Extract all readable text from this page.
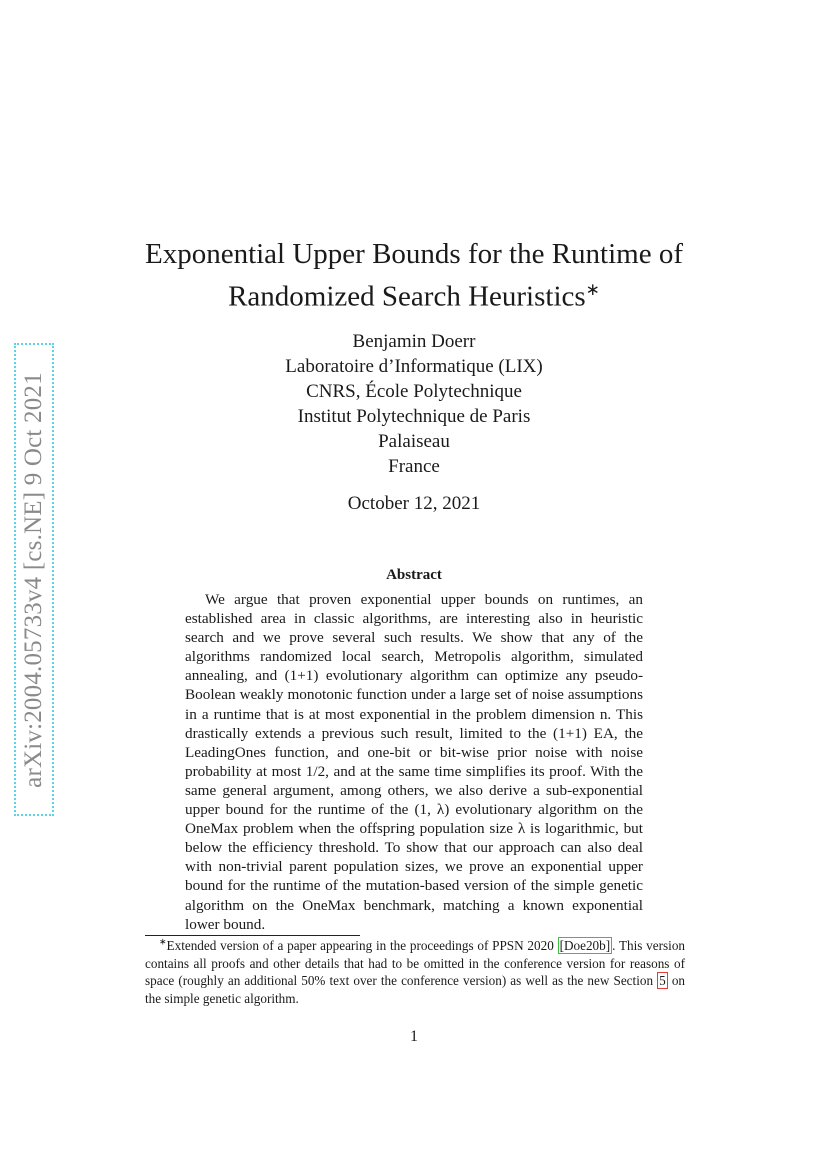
arXiv:2004.05733v4 [cs.NE] 9 Oct 2021
Exponential Upper Bounds for the Runtime of
Randomized Search Heuristics∗
Benjamin Doerr
Laboratoire d’Informatique (LIX)
CNRS, École Polytechnique
Institut Polytechnique de Paris
Palaiseau
France
October 12, 2021
Abstract

We argue that proven exponential upper bounds on runtimes, an established area in classic algorithms, are interesting also in heuristic search and we prove several such results. We show that any of the algorithms randomized local search, Metropolis algorithm, simulated annealing, and (1+1) evolutionary algorithm can optimize any pseudo-Boolean weakly monotonic function under a large set of noise assumptions in a runtime that is at most exponential in the problem dimension n. This drastically extends a previous such result, limited to the (1+1) EA, the LeadingOnes function, and one-bit or bit-wise prior noise with noise probability at most 1/2, and at the same time simplifies its proof. With the same general argument, among others, we also derive a sub-exponential upper bound for the runtime of the (1, λ) evolutionary algorithm on the OneMax problem when the offspring population size λ is logarithmic, but below the efficiency threshold. To show that our approach can also deal with non-trivial parent population sizes, we prove an exponential upper bound for the runtime of the mutation-based version of the simple genetic algorithm on the OneMax benchmark, matching a known exponential lower bound.

∗Extended version of a paper appearing in the proceedings of PPSN 2020 [Doe20b] . This version contains all proofs and other details that had to be omitted in the conference version for reasons of space (roughly an additional 50% text over the conference version) as well as the new Section 5 on the simple genetic algorithm.

1
